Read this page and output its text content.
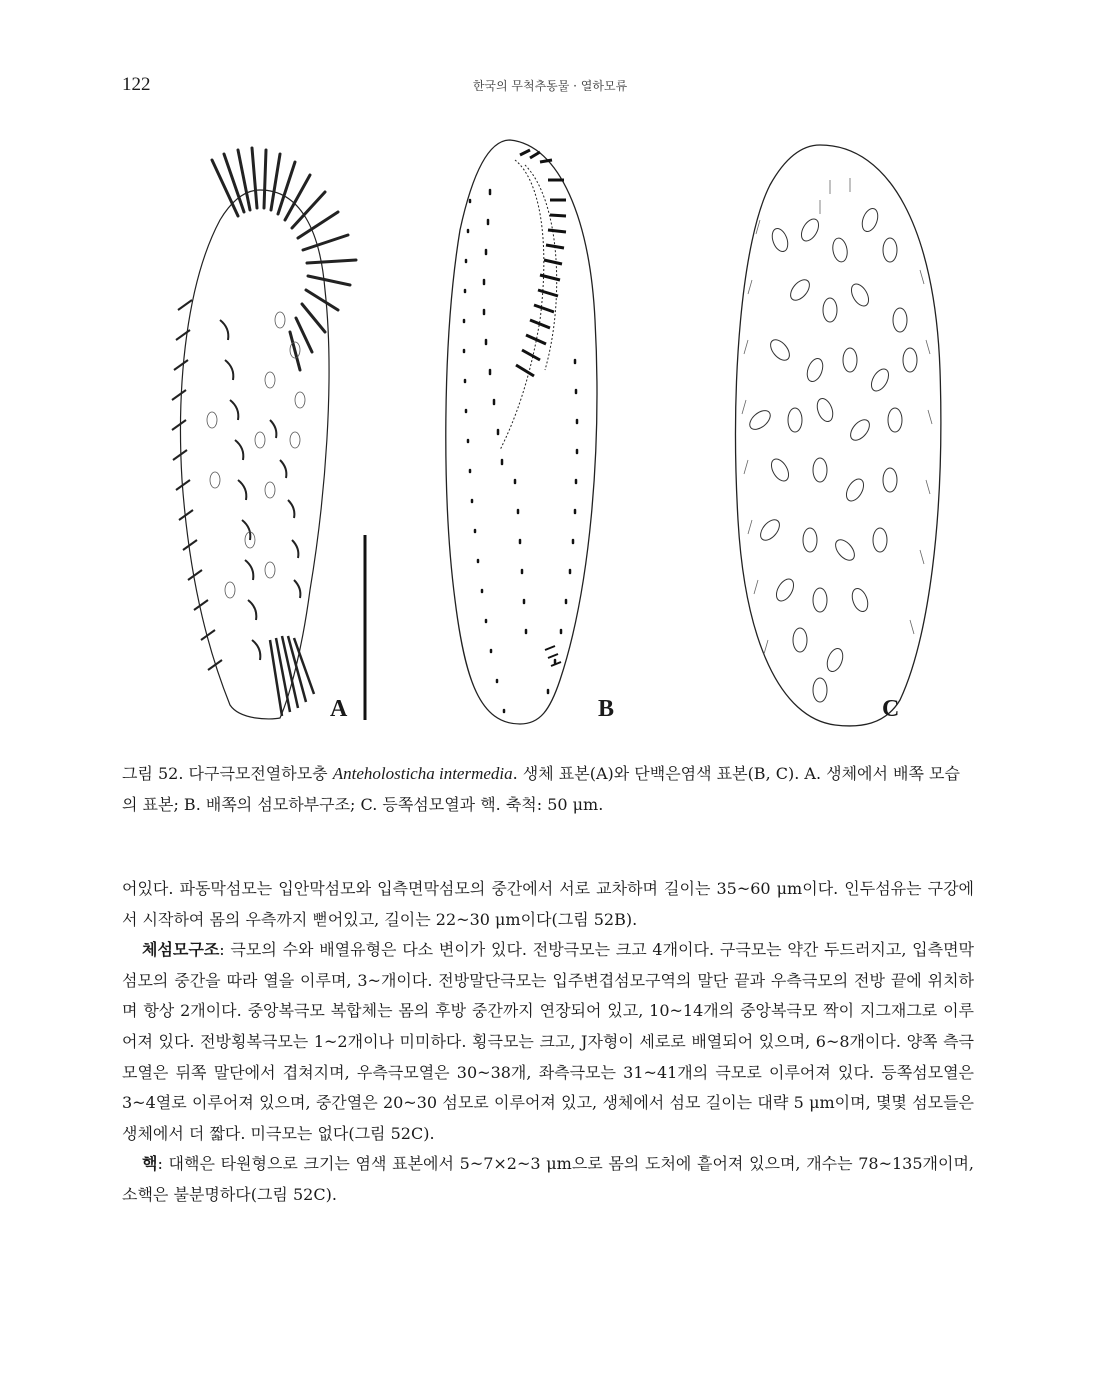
122	한국의 무척추동물 · 열하모류
A	B	C
그림 52. 다구극모전열하모충 Anteholosticha intermedia. 생체 표본(A)와 단백은염색 표본(B, C). A. 생체에서 배쪽 모습의 표본; B. 배쪽의 섬모하부구조; C. 등쪽섬모열과 핵. 축척: 50 μm.

어있다. 파동막섬모는 입안막섬모와 입측면막섬모의 중간에서 서로 교차하며 길이는 35~60 μm이다. 인두섬유는 구강에서 시작하여 몸의 우측까지 뻗어있고, 길이는 22~30 μm이다(그림 52B).

체섬모구조: 극모의 수와 배열유형은 다소 변이가 있다. 전방극모는 크고 4개이다. 구극모는 약간 두드러지고, 입측면막섬모의 중간을 따라 열을 이루며, 3~개이다. 전방말단극모는 입주변겹섬모구역의 말단 끝과 우측극모의 전방 끝에 위치하며 항상 2개이다. 중앙복극모 복합체는 몸의 후방 중간까지 연장되어 있고, 10~14개의 중앙복극모 짝이 지그재그로 이루어져 있다. 전방횡복극모는 1~2개이나 미미하다. 횡극모는 크고, J자형이 세로로 배열되어 있으며, 6~8개이다. 양쪽 측극모열은 뒤쪽 말단에서 겹쳐지며, 우측극모열은 30~38개, 좌측극모는 31~41개의 극모로 이루어져 있다. 등쪽섬모열은 3~4열로 이루어져 있으며, 중간열은 20~30 섬모로 이루어져 있고, 생체에서 섬모 길이는 대략 5 μm이며, 몇몇 섬모들은 생체에서 더 짧다. 미극모는 없다(그림 52C).

핵: 대핵은 타원형으로 크기는 염색 표본에서 5~7×2~3 μm으로 몸의 도처에 흩어져 있으며, 개수는 78~135개이며, 소핵은 불분명하다(그림 52C).
